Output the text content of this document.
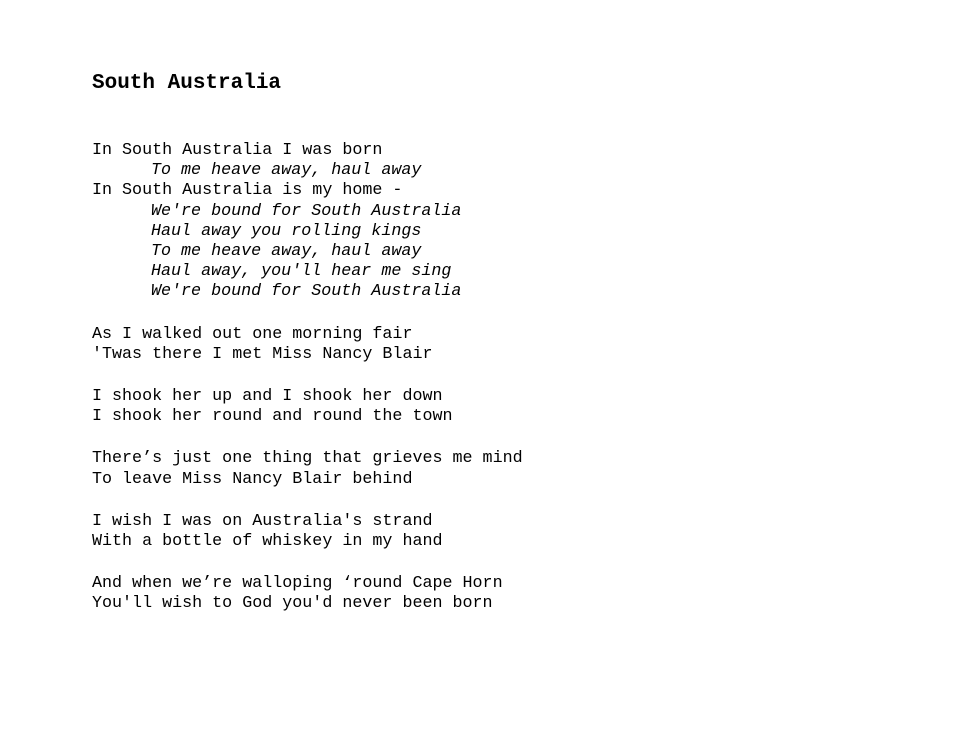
South Australia

In South Australia I was born

To me heave away, haul away

In South Australia is my home -

We're bound for South Australia

Haul away you rolling kings

To me heave away, haul away

Haul away, you'll hear me sing

We're bound for South Australia

As I walked out one morning fair

'Twas there I met Miss Nancy Blair

I shook her up and I shook her down

I shook her round and round the town

There’s just one thing that grieves me mind

To leave Miss Nancy Blair behind

I wish I was on Australia's strand

With a bottle of whiskey in my hand

And when we’re walloping ‘round Cape Horn

You'll wish to God you'd never been born
